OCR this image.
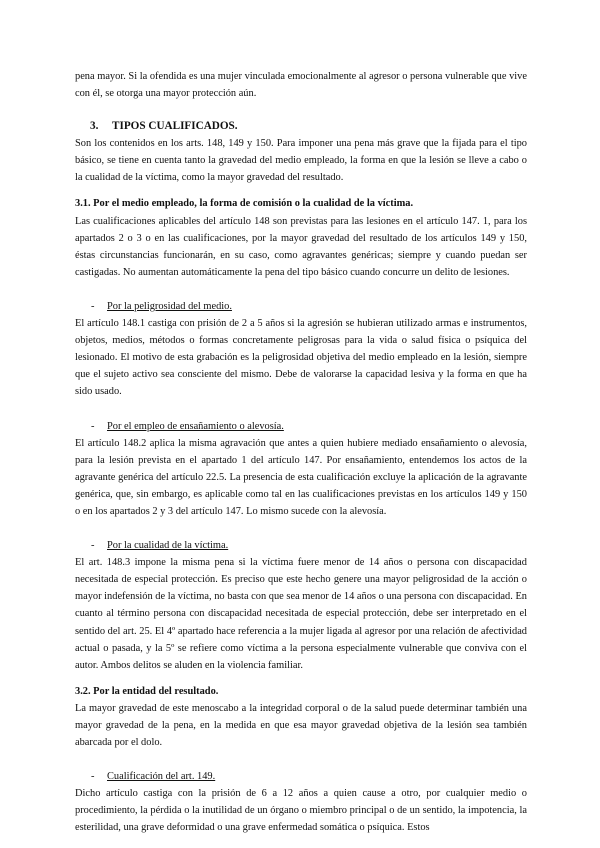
pena mayor. Si la ofendida es una mujer vinculada emocionalmente al agresor o persona vulnerable que vive con él, se otorga una mayor protección aún.

3. TIPOS CUALIFICADOS.

Son los contenidos en los arts. 148, 149 y 150. Para imponer una pena más grave que la fijada para el tipo básico, se tiene en cuenta tanto la gravedad del medio empleado, la forma en que la lesión se lleve a cabo o la cualidad de la víctima, como la mayor gravedad del resultado.

3.1. Por el medio empleado, la forma de comisión o la cualidad de la víctima.

Las cualificaciones aplicables del artículo 148 son previstas para las lesiones en el artículo 147. 1, para los apartados 2 o 3 o en las cualificaciones, por la mayor gravedad del resultado de los artículos 149 y 150, éstas circunstancias funcionarán, en su caso, como agravantes genéricas; siempre y cuando puedan ser castigadas. No aumentan automáticamente la pena del tipo básico cuando concurre un delito de lesiones.

- Por la peligrosidad del medio.

El artículo 148.1 castiga con prisión de 2 a 5 años si la agresión se hubieran utilizado armas e instrumentos, objetos, medios, métodos o formas concretamente peligrosas para la vida o salud física o psíquica del lesionado. El motivo de esta grabación es la peligrosidad objetiva del medio empleado en la lesión, siempre que el sujeto activo sea consciente del mismo. Debe de valorarse la capacidad lesiva y la forma en que ha sido usado.

- Por el empleo de ensañamiento o alevosía.

El artículo 148.2 aplica la misma agravación que antes a quien hubiere mediado ensañamiento o alevosía, para la lesión prevista en el apartado 1 del artículo 147. Por ensañamiento, entendemos los actos de la agravante genérica del artículo 22.5. La presencia de esta cualificación excluye la aplicación de la agravante genérica, que, sin embargo, es aplicable como tal en las cualificaciones previstas en los artículos 149 y 150 o en los apartados 2 y 3 del artículo 147. Lo mismo sucede con la alevosía.

- Por la cualidad de la víctima.

El art. 148.3 impone la misma pena si la víctima fuere menor de 14 años o persona con discapacidad necesitada de especial protección. Es preciso que este hecho genere una mayor peligrosidad de la acción o mayor indefensión de la víctima, no basta con que sea menor de 14 años o una persona con discapacidad. En cuanto al término persona con discapacidad necesitada de especial protección, debe ser interpretado en el sentido del art. 25. El 4º apartado hace referencia a la mujer ligada al agresor por una relación de afectividad actual o pasada, y la 5º se refiere como víctima a la persona especialmente vulnerable que conviva con el autor. Ambos delitos se aluden en la violencia familiar.

3.2. Por la entidad del resultado.

La mayor gravedad de este menoscabo a la integridad corporal o de la salud puede determinar también una mayor gravedad de la pena, en la medida en que esa mayor gravedad objetiva de la lesión sea también abarcada por el dolo.

- Cualificación del art. 149.

Dicho artículo castiga con la prisión de 6 a 12 años a quien cause a otro, por cualquier medio o procedimiento, la pérdida o la inutilidad de un órgano o miembro principal o de un sentido, la impotencia, la esterilidad, una grave deformidad o una grave enfermedad somática o psíquica. Estos
